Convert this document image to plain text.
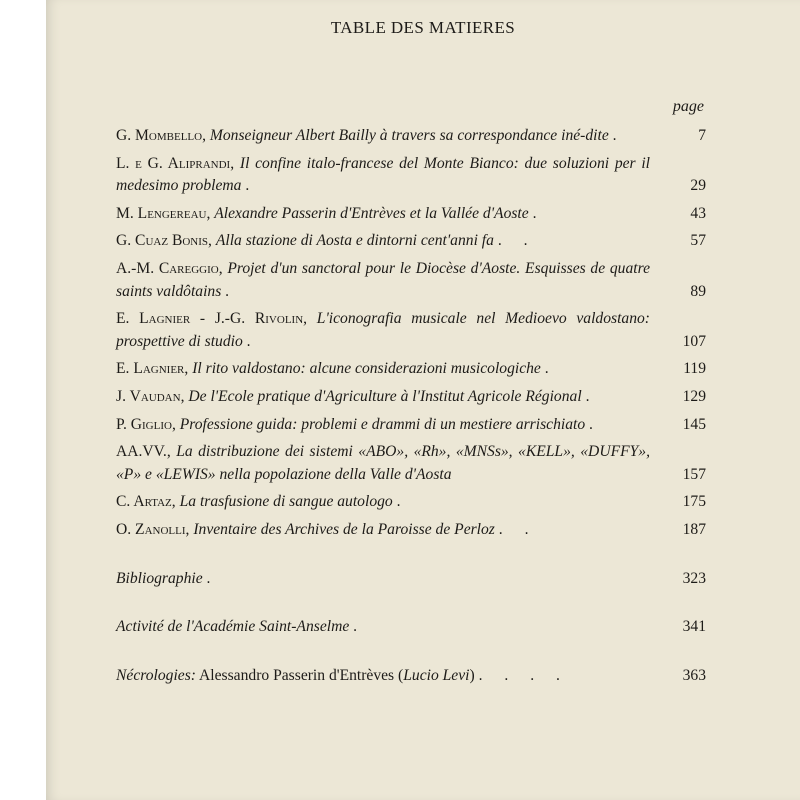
TABLE DES MATIERES
page
G. Mombello, Monseigneur Albert Bailly à travers sa correspondance iné-dite .	7
L. e G. Aliprandi, Il confine italo-francese del Monte Bianco: due soluzioni per il medesimo problema .	29
M. Lengereau, Alexandre Passerin d'Entrèves et la Vallée d'Aoste .	43
G. Cuaz Bonis, Alla stazione di Aosta e dintorni cent'anni fa . .	57
A.-M. Careggio, Projet d'un sanctoral pour le Diocèse d'Aoste. Esquisses de quatre saints valdôtains .	89
E. Lagnier - J.-G. Rivolin, L'iconografia musicale nel Medioevo valdostano: prospettive di studio .	107
E. Lagnier, Il rito valdostano: alcune considerazioni musicologiche .	119
J. Vaudan, De l'Ecole pratique d'Agriculture à l'Institut Agricole Régional .	129
P. Giglio, Professione guida: problemi e drammi di un mestiere arrischiato .	145
AA.VV., La distribuzione dei sistemi «ABO», «Rh», «MNSs», «KELL», «DUFFY», «P» e «LEWIS» nella popolazione della Valle d'Aosta	157
C. Artaz, La trasfusione di sangue autologo .	175
O. Zanolli, Inventaire des Archives de la Paroisse de Perloz . .	187
Bibliographie .	323
Activité de l'Académie Saint-Anselme .	341
Nécrologies: Alessandro Passerin d'Entrèves (Lucio Levi) . . . .	363
